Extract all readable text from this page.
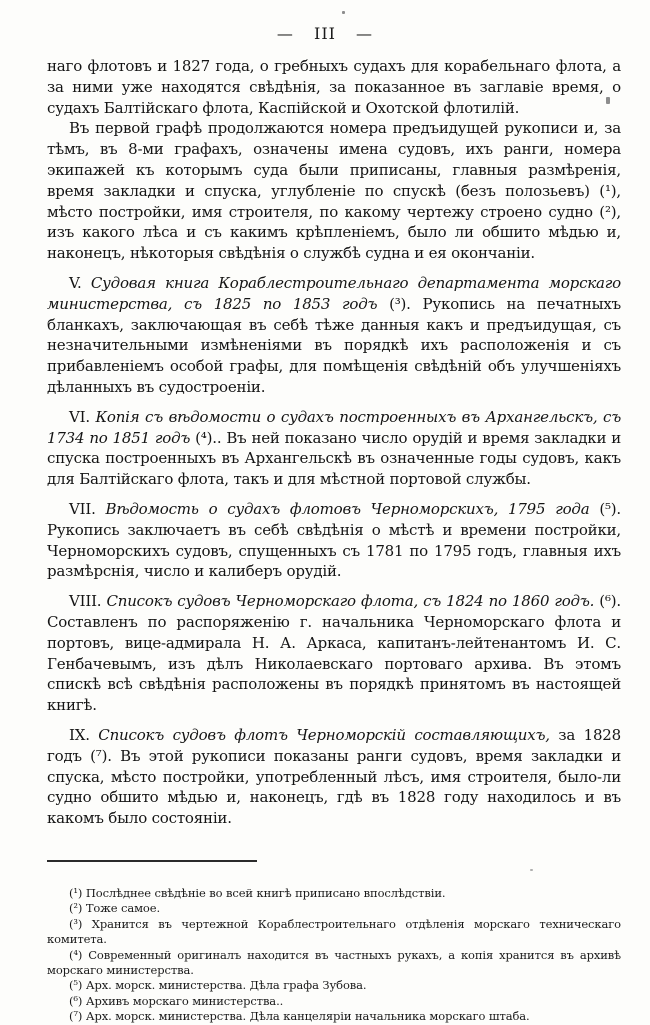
— III —

наго флотовъ и 1827 года, о гребныхъ судахъ для корабельнаго флота, а за ними уже находятся свѣдѣнія, за показанное въ заглавіе время, о судахъ Балтійскаго флота, Каспійской и Охотской флотилій.

Въ первой графѣ продолжаются номера предъидущей рукописи и, за тѣмъ, въ 8-ми графахъ, означены имена судовъ, ихъ ранги, номера экипажей къ которымъ суда были приписаны, главныя размѣренія, время закладки и спуска, углубленіе по спускѣ (безъ полозьевъ) (¹), мѣсто постройки, имя строителя, по какому чертежу строено судно (²), изъ какого лѣса и съ какимъ крѣпленіемъ, было ли обшито мѣдью и, наконецъ, нѣкоторыя свѣдѣнія о службѣ судна и ея окончаніи.

V. Судовая книга Кораблестроительнаго департамента морскаго министерства, съ 1825 по 1853 годъ (³). Рукопись на печатныхъ бланкахъ, заключающая въ себѣ тѣже данныя какъ и предъидущая, съ незначительными измѣненіями въ порядкѣ ихъ расположенія и съ прибавленіемъ особой графы, для помѣщенія свѣдѣній объ улучшеніяхъ дѣланныхъ въ судостроеніи.

VI. Копія съ вѣдомости о судахъ построенныхъ въ Архангельскъ, съ 1734 по 1851 годъ (⁴).. Въ ней показано число орудій и время закладки и спуска построенныхъ въ Архангельскѣ въ означенные годы судовъ, какъ для Балтійскаго флота, такъ и для мѣстной портовой службы.

VII. Вѣдомость о судахъ флотовъ Черноморскихъ, 1795 года (⁵). Рукопись заключаетъ въ себѣ свѣдѣнія о мѣстѣ и времени постройки, Черноморскихъ судовъ, спущенныхъ съ 1781 по 1795 годъ, главныя ихъ размѣрснія, число и калиберъ орудій.

VIII. Списокъ судовъ Черноморскаго флота, съ 1824 по 1860 годъ. (⁶). Составленъ по распоряженію г. начальника Черноморскаго флота и портовъ, вице-адмирала Н. А. Аркаса, капитанъ-лейтенантомъ И. С. Генбачевымъ, изъ дѣлъ Николаевскаго портоваго архива. Въ этомъ спискѣ всѣ свѣдѣнія расположены въ порядкѣ принятомъ въ настоящей книгѣ.

IX. Списокъ судовъ флотъ Черноморскій составляющихъ, за 1828 годъ (⁷). Въ этой рукописи показаны ранги судовъ, время закладки и спуска, мѣсто постройки, употребленный лѣсъ, имя строителя, было-ли судно обшито мѣдью и, наконецъ, гдѣ въ 1828 году находилось и въ какомъ было состояніи.

(¹) Послѣднее свѣдѣніе во всей книгѣ приписано впослѣдствіи.

(²) Тоже самое.

(³) Хранится въ чертежной Кораблестроительнаго отдѣленія морскаго техническаго комитета.

(⁴) Современный оригиналъ находится въ частныхъ рукахъ, а копія хранится въ архивѣ морскаго министерства.

(⁵) Арх. морск. министерства. Дѣла графа Зубова.

(⁶) Архивъ морскаго министерства..

(⁷) Арх. морск. министерства. Дѣла канцеляріи начальника морскаго штаба.
